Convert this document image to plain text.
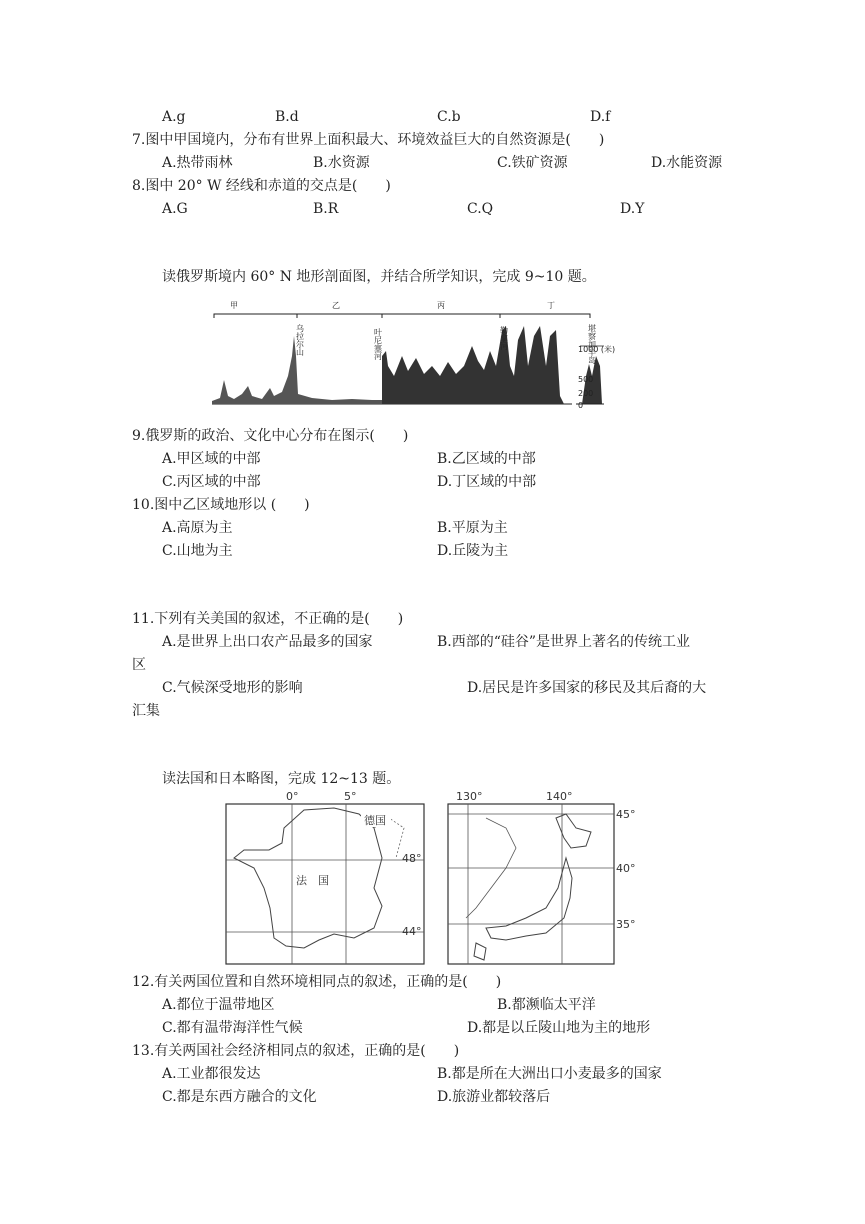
A.g	B.d	C.b	D.f
7.图中甲国境内，分布有世界上面积最大、环境效益巨大的自然资源是(　　)
A.热带雨林	B.水资源	C.铁矿资源	D.水能资源
8.图中 20° W 经线和赤道的交点是(　　)
A.G	B.R	C.Q	D.Y
读俄罗斯境内 60° N 地形剖面图，并结合所学知识，完成 9~10 题。
甲	乙	丙	丁
乌拉尔山	叶尼塞河	勒拿河	堪察加半岛
1000 (米)
500
200
0
9.俄罗斯的政治、文化中心分布在图示(　　)
A.甲区域的中部	B.乙区域的中部
C.丙区域的中部	D.丁区域的中部
10.图中乙区域地形以 (　　)
A.高原为主	B.平原为主
C.山地为主	D.丘陵为主
11.下列有关美国的叙述，不正确的是(　　)
A.是世界上出口农产品最多的国家	B.西部的“硅谷”是世界上著名的传统工业
区
C.气候深受地形的影响	D.居民是许多国家的移民及其后裔的大
汇集
读法国和日本略图，完成 12~13 题。
0°	5°
德国
法　国
48°
44°
130°	140°
45°
40°
35°
12.有关两国位置和自然环境相同点的叙述，正确的是(　　)
A.都位于温带地区	B.都濒临太平洋
C.都有温带海洋性气候	D.都是以丘陵山地为主的地形
13.有关两国社会经济相同点的叙述，正确的是(　　)
A.工业都很发达	B.都是所在大洲出口小麦最多的国家
C.都是东西方融合的文化	D.旅游业都较落后
